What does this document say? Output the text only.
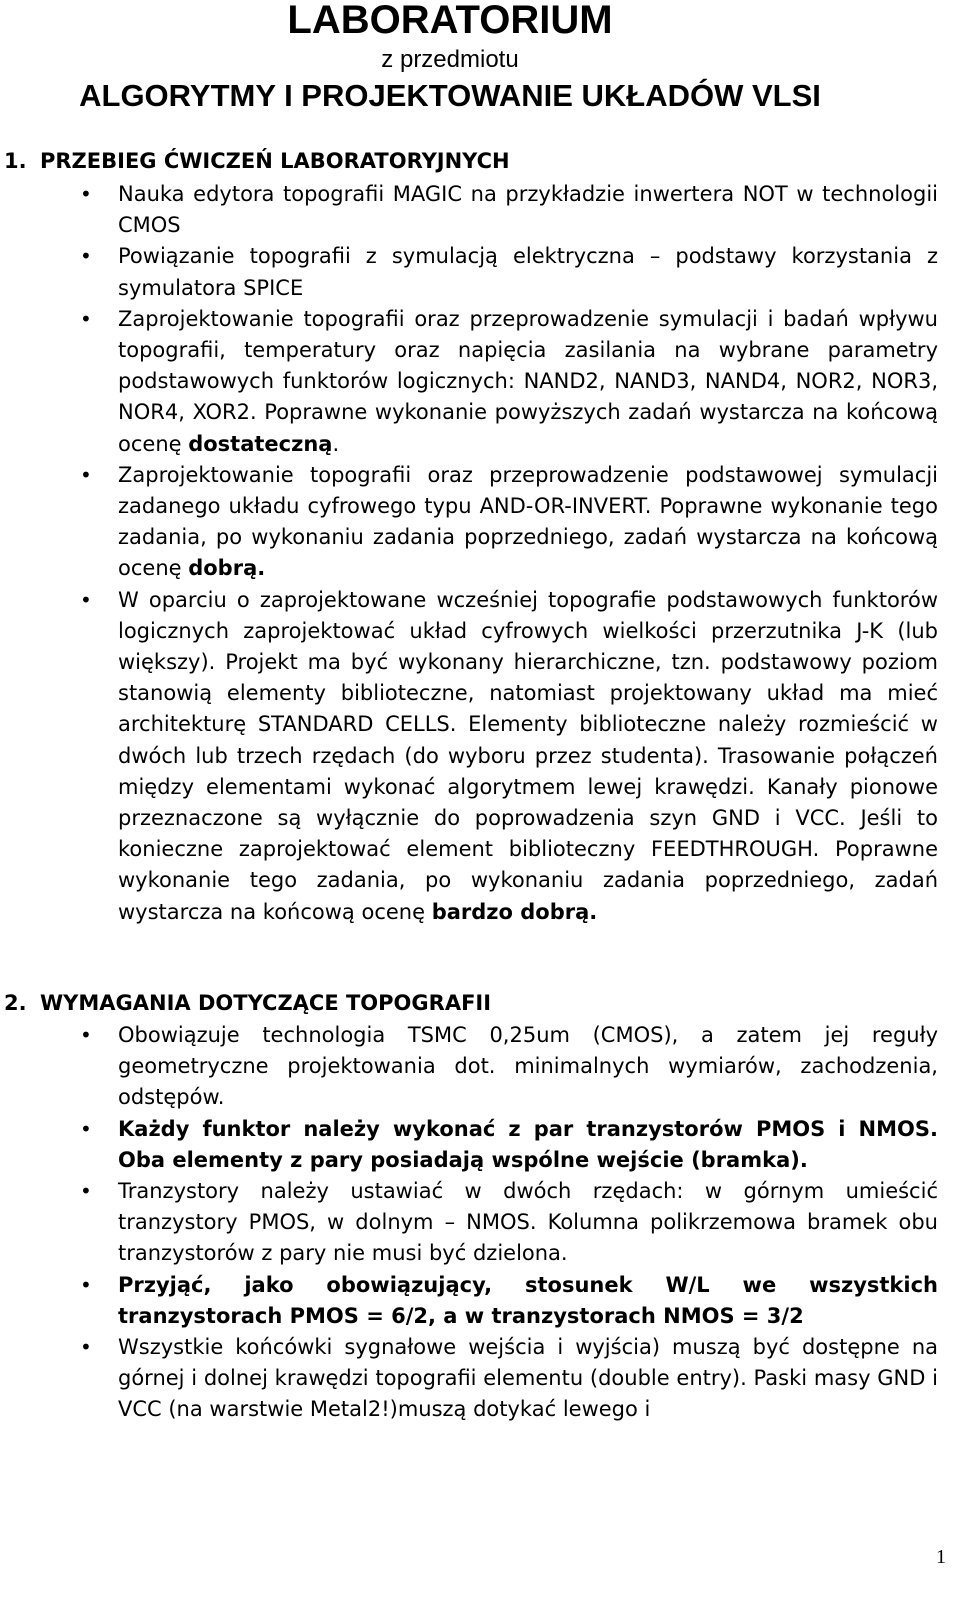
LABORATORIUM
z przedmiotu
ALGORYTMY I PROJEKTOWANIE UKŁADÓW VLSI
1. PRZEBIEG ĆWICZEŃ LABORATORYJNYCH
• Nauka edytora topografii MAGIC na przykładzie inwertera NOT w technologii CMOS
• Powiązanie topografii z symulacją elektryczna – podstawy korzystania z symulatora SPICE
• Zaprojektowanie topografii oraz przeprowadzenie symulacji i badań wpływu topografii, temperatury oraz napięcia zasilania na wybrane parametry podstawowych funktorów logicznych: NAND2, NAND3, NAND4, NOR2, NOR3, NOR4, XOR2. Poprawne wykonanie powyższych zadań wystarcza na końcową ocenę dostateczną.
• Zaprojektowanie topografii oraz przeprowadzenie podstawowej symulacji zadanego układu cyfrowego typu AND-OR-INVERT. Poprawne wykonanie tego zadania, po wykonaniu zadania poprzedniego, zadań wystarcza na końcową ocenę dobrą.
• W oparciu o zaprojektowane wcześniej topografie podstawowych funktorów logicznych zaprojektować układ cyfrowych wielkości przerzutnika J-K (lub większy). Projekt ma być wykonany hierarchiczne, tzn. podstawowy poziom stanowią elementy biblioteczne, natomiast projektowany układ ma mieć architekturę STANDARD CELLS. Elementy biblioteczne należy rozmieścić w dwóch lub trzech rzędach (do wyboru przez studenta). Trasowanie połączeń między elementami wykonać algorytmem lewej krawędzi. Kanały pionowe przeznaczone są wyłącznie do poprowadzenia szyn GND i VCC. Jeśli to konieczne zaprojektować element biblioteczny FEEDTHROUGH. Poprawne wykonanie tego zadania, po wykonaniu zadania poprzedniego, zadań wystarcza na końcową ocenę bardzo dobrą.
2. WYMAGANIA DOTYCZĄCE TOPOGRAFII
• Obowiązuje technologia TSMC 0,25um (CMOS), a zatem jej reguły geometryczne projektowania dot. minimalnych wymiarów, zachodzenia, odstępów.
• Każdy funktor należy wykonać z par tranzystorów PMOS i NMOS. Oba elementy z pary posiadają wspólne wejście (bramka).
• Tranzystory należy ustawiać w dwóch rzędach: w górnym umieścić tranzystory PMOS, w dolnym – NMOS. Kolumna polikrzemowa bramek obu tranzystorów z pary nie musi być dzielona.
• Przyjąć, jako obowiązujący, stosunek W/L we wszystkich tranzystorach PMOS = 6/2, a w tranzystorach NMOS = 3/2
• Wszystkie końcówki sygnałowe wejścia i wyjścia) muszą być dostępne na górnej i dolnej krawędzi topografii elementu (double entry). Paski masy GND i VCC (na warstwie Metal2!)muszą dotykać lewego i
1
